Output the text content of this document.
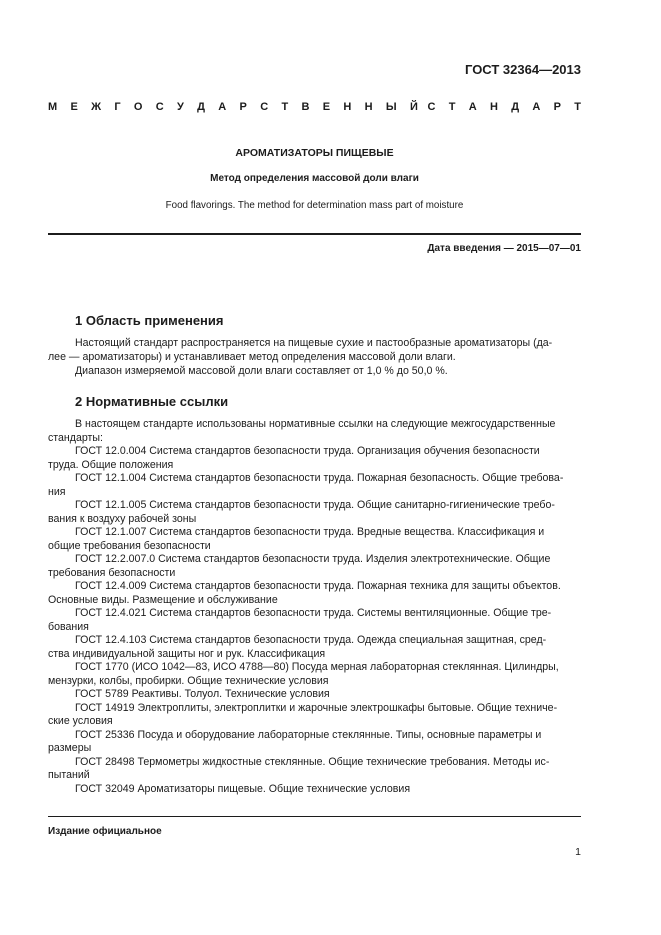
ГОСТ 32364—2013
М Е Ж Г О С У Д А Р С Т В Е Н Н Ы Й С Т А Н Д А Р Т
АРОМАТИЗАТОРЫ ПИЩЕВЫЕ
Метод определения массовой доли влаги
Food flavorings. The method for determination mass part of moisture
Дата введения — 2015—07—01
1 Область применения
Настоящий стандарт распространяется на пищевые сухие и пастообразные ароматизаторы (да-
лее — ароматизаторы) и устанавливает метод определения массовой доли влаги.
Диапазон измеряемой массовой доли влаги составляет от 1,0 % до 50,0 %.
2 Нормативные ссылки
В настоящем стандарте использованы нормативные ссылки на следующие межгосударственные
стандарты:
ГОСТ 12.0.004 Система стандартов безопасности труда. Организация обучения безопасности
труда. Общие положения
ГОСТ 12.1.004 Система стандартов безопасности труда. Пожарная безопасность. Общие требова-
ния
ГОСТ 12.1.005 Система стандартов безопасности труда. Общие санитарно-гигиенические требо-
вания к воздуху рабочей зоны
ГОСТ 12.1.007 Система стандартов безопасности труда. Вредные вещества. Классификация и
общие требования безопасности
ГОСТ 12.2.007.0 Система стандартов безопасности труда. Изделия электротехнические. Общие
требования безопасности
ГОСТ 12.4.009 Система стандартов безопасности труда. Пожарная техника для защиты объектов.
Основные виды. Размещение и обслуживание
ГОСТ 12.4.021 Система стандартов безопасности труда. Системы вентиляционные. Общие тре-
бования
ГОСТ 12.4.103 Система стандартов безопасности труда. Одежда специальная защитная, сред-
ства индивидуальной защиты ног и рук. Классификация
ГОСТ 1770 (ИСО 1042—83, ИСО 4788—80) Посуда мерная лабораторная стеклянная. Цилиндры,
мензурки, колбы, пробирки. Общие технические условия
ГОСТ 5789 Реактивы. Толуол. Технические условия
ГОСТ 14919 Электроплиты, электроплитки и жарочные электрошкафы бытовые. Общие техниче-
ские условия
ГОСТ 25336 Посуда и оборудование лабораторные стеклянные. Типы, основные параметры и
размеры
ГОСТ 28498 Термометры жидкостные стеклянные. Общие технические требования. Методы ис-
пытаний
ГОСТ 32049 Ароматизаторы пищевые. Общие технические условия
Издание официальное
1
